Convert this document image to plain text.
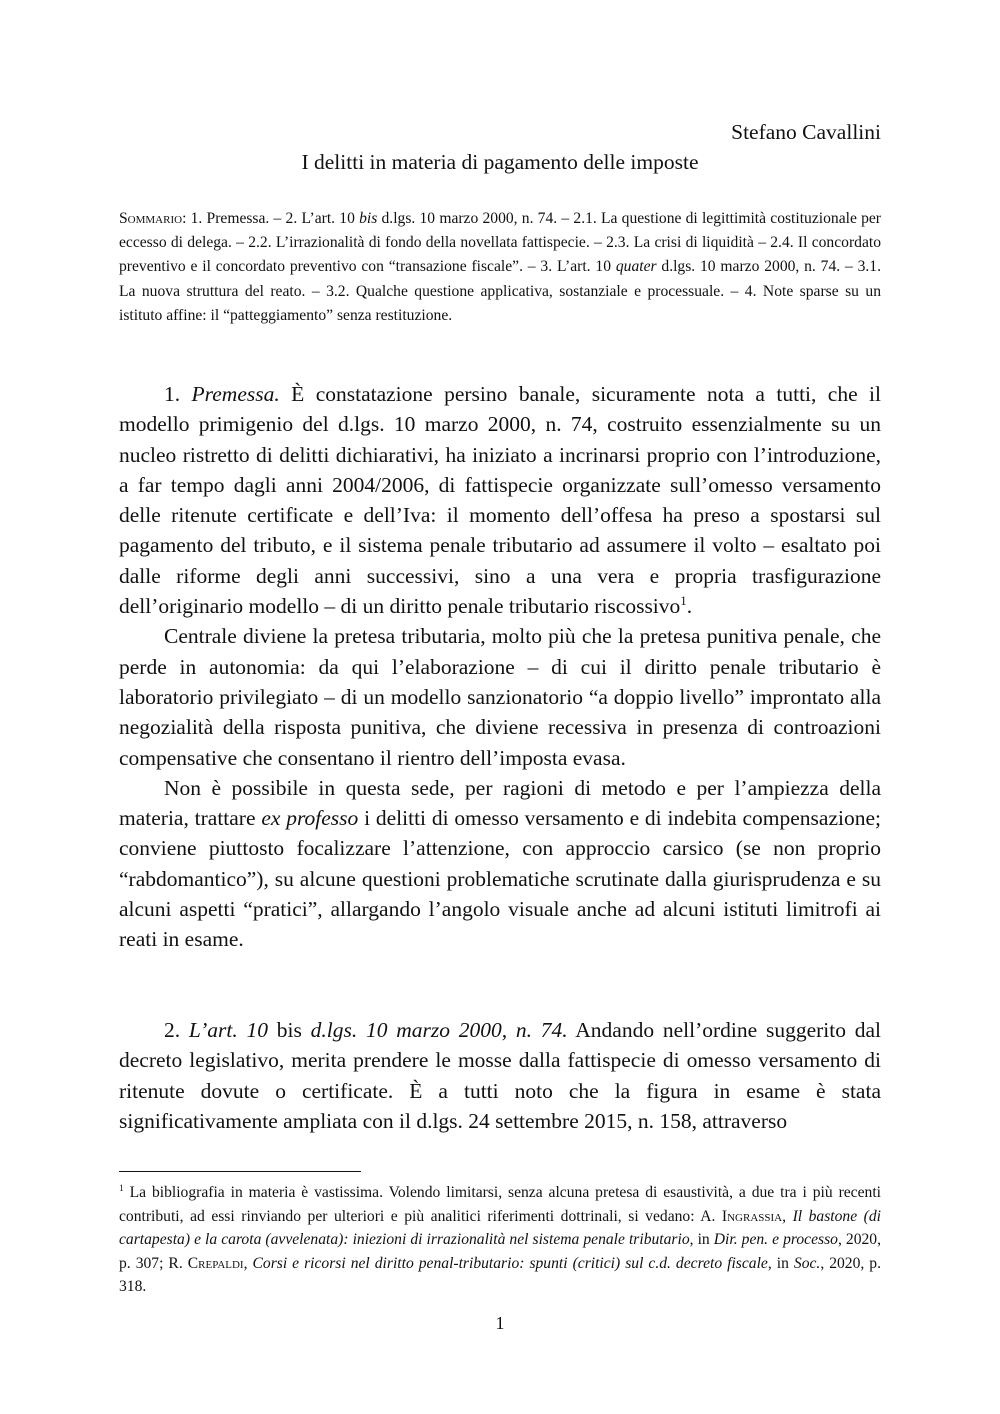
Stefano Cavallini

I delitti in materia di pagamento delle imposte

Sommario: 1. Premessa. – 2. L’art. 10 bis d.lgs. 10 marzo 2000, n. 74. – 2.1. La questione di legittimità costituzionale per eccesso di delega. – 2.2. L’irrazionalità di fondo della novellata fattispecie. – 2.3. La crisi di liquidità – 2.4. Il concordato preventivo e il concordato preventivo con “transazione fiscale”. – 3. L’art. 10 quater d.lgs. 10 marzo 2000, n. 74. – 3.1. La nuova struttura del reato. – 3.2. Qualche questione applicativa, sostanziale e processuale. – 4. Note sparse su un istituto affine: il “patteggiamento” senza restituzione.

1. Premessa. È constatazione persino banale, sicuramente nota a tutti, che il modello primigenio del d.lgs. 10 marzo 2000, n. 74, costruito essenzialmente su un nucleo ristretto di delitti dichiarativi, ha iniziato a incrinarsi proprio con l’introduzione, a far tempo dagli anni 2004/2006, di fattispecie organizzate sull’omesso versamento delle ritenute certificate e dell’Iva: il momento dell’offesa ha preso a spostarsi sul pagamento del tributo, e il sistema penale tributario ad assumere il volto – esaltato poi dalle riforme degli anni successivi, sino a una vera e propria trasfigurazione dell’originario modello – di un diritto penale tributario riscossivo$^1$.

Centrale diviene la pretesa tributaria, molto più che la pretesa punitiva penale, che perde in autonomia: da qui l’elaborazione – di cui il diritto penale tributario è laboratorio privilegiato – di un modello sanzionatorio “a doppio livello” improntato alla negozialità della risposta punitiva, che diviene recessiva in presenza di controazioni compensative che consentano il rientro dell’imposta evasa.

Non è possibile in questa sede, per ragioni di metodo e per l’ampiezza della materia, trattare ex professo i delitti di omesso versamento e di indebita compensazione; conviene piuttosto focalizzare l’attenzione, con approccio carsico (se non proprio “rabdomantico”), su alcune questioni problematiche scrutinate dalla giurisprudenza e su alcuni aspetti “pratici”, allargando l’angolo visuale anche ad alcuni istituti limitrofi ai reati in esame.

2. L’art. 10 bis d.lgs. 10 marzo 2000, n. 74. Andando nell’ordine suggerito dal decreto legislativo, merita prendere le mosse dalla fattispecie di omesso versamento di ritenute dovute o certificate. È a tutti noto che la figura in esame è stata significativamente ampliata con il d.lgs. 24 settembre 2015, n. 158, attraverso

$^1$ La bibliografia in materia è vastissima. Volendo limitarsi, senza alcuna pretesa di esaustività, a due tra i più recenti contributi, ad essi rinviando per ulteriori e più analitici riferimenti dottrinali, si vedano: A. Ingrassia, Il bastone (di cartapesta) e la carota (avvelenata): iniezioni di irrazionalità nel sistema penale tributario, in Dir. pen. e processo, 2020, p. 307; R. Crepaldi, Corsi e ricorsi nel diritto penal-tributario: spunti (critici) sul c.d. decreto fiscale, in Soc., 2020, p. 318.

1
